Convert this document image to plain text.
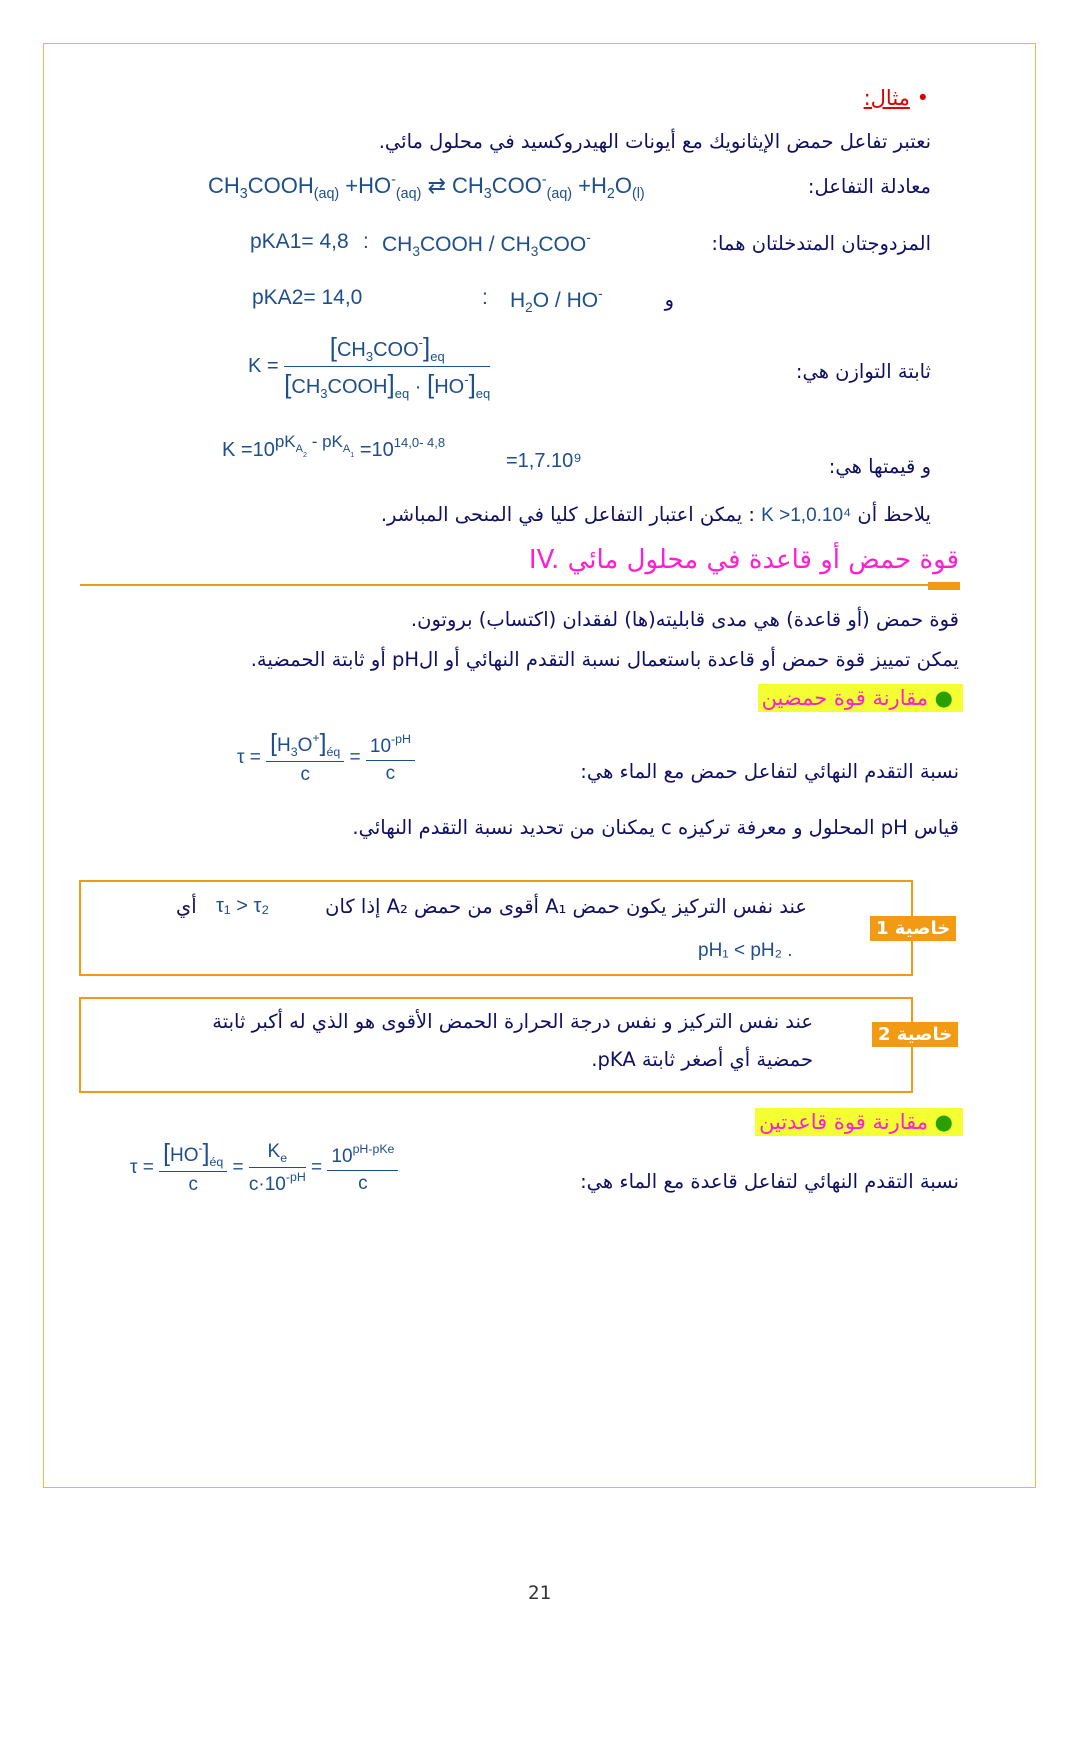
• مثال:
نعتبر تفاعل حمض الإيثانويك مع أيونات الهيدروكسيد في محلول مائي.
معادلة التفاعل:
$CH_3COOH_{(aq)} +HO^-_{(aq)}$ ⇄ $CH_3COO^-_{(aq)} +H_2O_{(l)}$
المزدوجتان المتدخلتان هما:
pKA1= 4,8 : $CH_3COOH / CH_3COO^-$
و
pKA2= 14,0	: $H_2O / HO^-$
ثابتة التوازن هي:
$K = \frac{[CH_3COO^-]_{eq}}{[CH_3COOH]_{eq} \cdot [HO^-]_{eq}}$
و قيمتها هي:
$K =10^{pK_{A_2} - pK_{A_1}} =10^{14,0- 4,8}$
=1,7.10⁹
يلاحظ أن K >1,0.10⁴ : يمكن اعتبار التفاعل كليا في المنحى المباشر.
IV. قوة حمض أو قاعدة في محلول مائي
قوة حمض (أو قاعدة) هي مدى قابليته(ها) لفقدان (اكتساب) بروتون.
يمكن تمييز قوة حمض أو قاعدة باستعمال نسبة التقدم النهائي أو الpH أو ثابتة الحمضية.
● مقارنة قوة حمضين
نسبة التقدم النهائي لتفاعل حمض مع الماء هي:
$\tau = \frac{[H_3O^+]_{éq}}{c} = \frac{10^{-pH}}{c}$
قياس pH المحلول و معرفة تركيزه c يمكنان من تحديد نسبة التقدم النهائي.
خاصية 1
عند نفس التركيز يكون حمض A₁ أقوى من حمض A₂ إذا كان
τ₁ > τ₂
أي
pH₁ < pH₂ .
خاصية 2
عند نفس التركيز و نفس درجة الحرارة الحمض الأقوى هو الذي له أكبر ثابتة
حمضية أي أصغر ثابتة pKA.
● مقارنة قوة قاعدتين
نسبة التقدم النهائي لتفاعل قاعدة مع الماء هي:
$\tau = \frac{[HO^-]_{éq}}{c} = \frac{K_e}{c\cdot 10^{-pH}} = \frac{10^{pH-pKe}}{c}$
21
